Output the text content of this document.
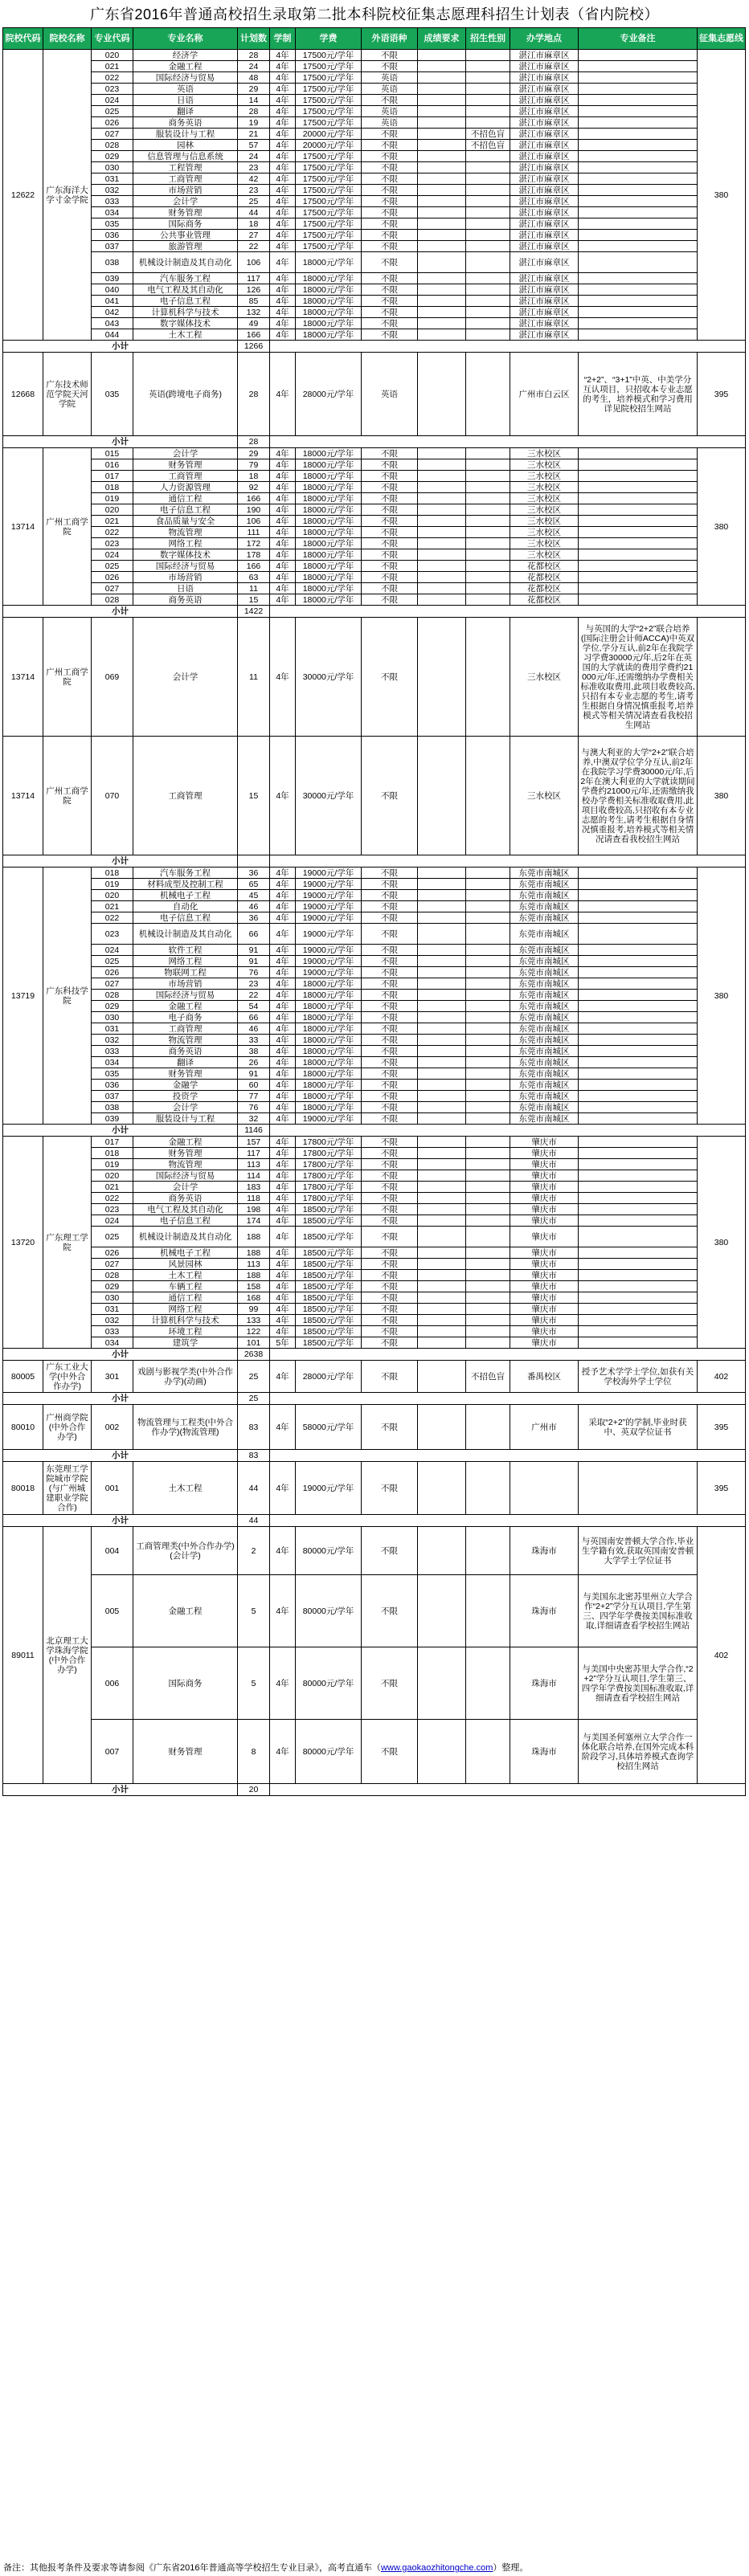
广东省2016年普通高校招生录取第二批本科院校征集志愿理科招生计划表（省内院校）
院校代码	院校名称	专业代码	专业名称	计划数	学制	学费	外语语种	成绩要求	招生性别	办学地点	专业备注	征集志愿线
12622	广东海洋大学寸金学院	020	经济学	28	4年	17500元/学年	不限			湛江市麻章区		380
		021	金融工程	24	4年	17500元/学年	不限			湛江市麻章区		
		022	国际经济与贸易	48	4年	17500元/学年	英语			湛江市麻章区		
		023	英语	29	4年	17500元/学年	英语			湛江市麻章区		
		024	日语	14	4年	17500元/学年	不限			湛江市麻章区		
		025	翻译	28	4年	17500元/学年	英语			湛江市麻章区		
		026	商务英语	19	4年	17500元/学年	英语			湛江市麻章区		
		027	服装设计与工程	21	4年	20000元/学年	不限		不招色盲	湛江市麻章区		
		028	园林	57	4年	20000元/学年	不限		不招色盲	湛江市麻章区		
		029	信息管理与信息系统	24	4年	17500元/学年	不限			湛江市麻章区		
		030	工程管理	23	4年	17500元/学年	不限			湛江市麻章区		
		031	工商管理	42	4年	17500元/学年	不限			湛江市麻章区		
		032	市场营销	23	4年	17500元/学年	不限			湛江市麻章区		
		033	会计学	25	4年	17500元/学年	不限			湛江市麻章区		
		034	财务管理	44	4年	17500元/学年	不限			湛江市麻章区		
		035	国际商务	18	4年	17500元/学年	不限			湛江市麻章区		
		036	公共事业管理	27	4年	17500元/学年	不限			湛江市麻章区		
		037	旅游管理	22	4年	17500元/学年	不限			湛江市麻章区		
		038	机械设计制造及其自动化	106	4年	18000元/学年	不限			湛江市麻章区		
		039	汽车服务工程	117	4年	18000元/学年	不限			湛江市麻章区		
		040	电气工程及其自动化	126	4年	18000元/学年	不限			湛江市麻章区		
		041	电子信息工程	85	4年	18000元/学年	不限			湛江市麻章区		
		042	计算机科学与技术	132	4年	18000元/学年	不限			湛江市麻章区		
		043	数字媒体技术	49	4年	18000元/学年	不限			湛江市麻章区		
		044	土木工程	166	4年	18000元/学年	不限			湛江市麻章区		
小计				1266								
12668	广东技术师范学院天河学院	035	英语(跨境电子商务)	28	4年	28000元/学年	英语			广州市白云区	“2+2”、“3+1”中英、中美学分互认项目，只招收本专业志愿的考生，培养模式和学习费用详见院校招生网站	395
小计				28								
13714	广州工商学院	015	会计学	29	4年	18000元/学年	不限			三水校区		380
		016	财务管理	79	4年	18000元/学年	不限			三水校区		
		017	工商管理	18	4年	18000元/学年	不限			三水校区		
		018	人力资源管理	92	4年	18000元/学年	不限			三水校区		
		019	通信工程	166	4年	18000元/学年	不限			三水校区		
		020	电子信息工程	190	4年	18000元/学年	不限			三水校区		
		021	食品质量与安全	106	4年	18000元/学年	不限			三水校区		
		022	物流管理	111	4年	18000元/学年	不限			三水校区		
		023	网络工程	172	4年	18000元/学年	不限			三水校区		
		024	数字媒体技术	178	4年	18000元/学年	不限			三水校区		
		025	国际经济与贸易	166	4年	18000元/学年	不限			花都校区		
		026	市场营销	63	4年	18000元/学年	不限			花都校区		
		027	日语	11	4年	18000元/学年	不限			花都校区		
		028	商务英语	15	4年	18000元/学年	不限			花都校区		
小计				1422								
13714	广州工商学院	069	会计学	11	4年	30000元/学年	不限			三水校区	与英国的大学“2+2”联合培养(国际注册会计师ACCA)中英双学位,学分互认,前2年在我院学习学费30000元/年,后2年在英国的大学就读的费用学费约21000元/年,还需缴纳办学费相关标准收取费用,此项目收费较高,只招有本专业志愿的考生,请考生根据自身情况慎重报考,培养模式等相关情况请查看我校招生网站	
13714	广州工商学院	070	工商管理	15	4年	30000元/学年	不限			三水校区	与澳大利亚的大学“2+2”联合培养,中澳双学位学分互认,前2年在我院学习学费30000元/年,后2年在澳大利亚的大学就读期间学费约21000元/年,还需缴纳我校办学费相关标准收取费用,此项目收费较高,只招收有本专业志愿的考生,请考生根据自身情况慎重报考,培养模式等相关情况请查看我校招生网站	380
小计												
13719	广东科技学院	018	汽车服务工程	36	4年	19000元/学年	不限			东莞市南城区		380
		019	材料成型及控制工程	65	4年	19000元/学年	不限			东莞市南城区		
		020	机械电子工程	45	4年	19000元/学年	不限			东莞市南城区		
		021	自动化	46	4年	19000元/学年	不限			东莞市南城区		
		022	电子信息工程	36	4年	19000元/学年	不限			东莞市南城区		
		023	机械设计制造及其自动化	66	4年	19000元/学年	不限			东莞市南城区		
		024	软件工程	91	4年	19000元/学年	不限			东莞市南城区		
		025	网络工程	91	4年	19000元/学年	不限			东莞市南城区		
		026	物联网工程	76	4年	19000元/学年	不限			东莞市南城区		
		027	市场营销	23	4年	18000元/学年	不限			东莞市南城区		
		028	国际经济与贸易	22	4年	18000元/学年	不限			东莞市南城区		
		029	金融工程	54	4年	18000元/学年	不限			东莞市南城区		
		030	电子商务	66	4年	18000元/学年	不限			东莞市南城区		
		031	工商管理	46	4年	18000元/学年	不限			东莞市南城区		
		032	物流管理	33	4年	18000元/学年	不限			东莞市南城区		
		033	商务英语	38	4年	18000元/学年	不限			东莞市南城区		
		034	翻译	26	4年	18000元/学年	不限			东莞市南城区		
		035	财务管理	91	4年	18000元/学年	不限			东莞市南城区		
		036	金融学	60	4年	18000元/学年	不限			东莞市南城区		
		037	投资学	77	4年	18000元/学年	不限			东莞市南城区		
		038	会计学	76	4年	18000元/学年	不限			东莞市南城区		
		039	服装设计与工程	32	4年	19000元/学年	不限			东莞市南城区		
小计				1146								
13720	广东理工学院	017	金融工程	157	4年	17800元/学年	不限			肇庆市		380
		018	财务管理	117	4年	17800元/学年	不限			肇庆市		
		019	物流管理	113	4年	17800元/学年	不限			肇庆市		
		020	国际经济与贸易	114	4年	17800元/学年	不限			肇庆市		
		021	会计学	183	4年	17800元/学年	不限			肇庆市		
		022	商务英语	118	4年	17800元/学年	不限			肇庆市		
		023	电气工程及其自动化	198	4年	18500元/学年	不限			肇庆市		
		024	电子信息工程	174	4年	18500元/学年	不限			肇庆市		
		025	机械设计制造及其自动化	188	4年	18500元/学年	不限			肇庆市		
		026	机械电子工程	188	4年	18500元/学年	不限			肇庆市		
		027	风景园林	113	4年	18500元/学年	不限			肇庆市		
		028	土木工程	188	4年	18500元/学年	不限			肇庆市		
		029	车辆工程	158	4年	18500元/学年	不限			肇庆市		
		030	通信工程	168	4年	18500元/学年	不限			肇庆市		
		031	网络工程	99	4年	18500元/学年	不限			肇庆市		
		032	计算机科学与技术	133	4年	18500元/学年	不限			肇庆市		
		033	环境工程	122	4年	18500元/学年	不限			肇庆市		
		034	建筑学	101	5年	18500元/学年	不限			肇庆市		
小计				2638								
80005	广东工业大学(中外合作办学)	301	戏剧与影视学类(中外合作办学)(动画)	25	4年	28000元/学年	不限		不招色盲	番禺校区	授予艺术学学士学位,如获有关学校海外学士学位	402
小计				25								
80010	广州商学院(中外合作办学)	002	物流管理与工程类(中外合作办学)(物流管理)	83	4年	58000元/学年	不限			广州市	采取“2+2”的学制,毕业时获中、英双学位证书	395
小计				83								
80018	东莞理工学院城市学院(与广州城建职业学院合作)	001	土木工程	44	4年	19000元/学年	不限					395
小计				44								
89011	北京理工大学珠海学院(中外合作办学)	004	工商管理类(中外合作办学)(会计学)	2	4年	80000元/学年	不限			珠海市	与英国南安普顿大学合作,毕业生学籍有效,获取英国南安普顿大学学士学位证书	402
		005	金融工程	5	4年	80000元/学年	不限			珠海市	与美国东北密苏里州立大学合作“2+2”学分互认项目,学生第三、四学年学费按美国标准收取,详细请查看学校招生网站	
		006	国际商务	5	4年	80000元/学年	不限			珠海市	与美国中央密苏里大学合作,“2+2”学分互认项目,学生第三、四学年学费按美国标准收取,详细请查看学校招生网站	
		007	财务管理	8	4年	80000元/学年	不限			珠海市	与美国圣何塞州立大学合作一体化联合培养,在国外完成本科阶段学习,具体培养模式查询学校招生网站	
小计				20								
备注：其他报考条件及要求等请参阅《广东省2016年普通高等学校招生专业目录》，高考直通车（www.gaokaozhitongche.com）整理。
